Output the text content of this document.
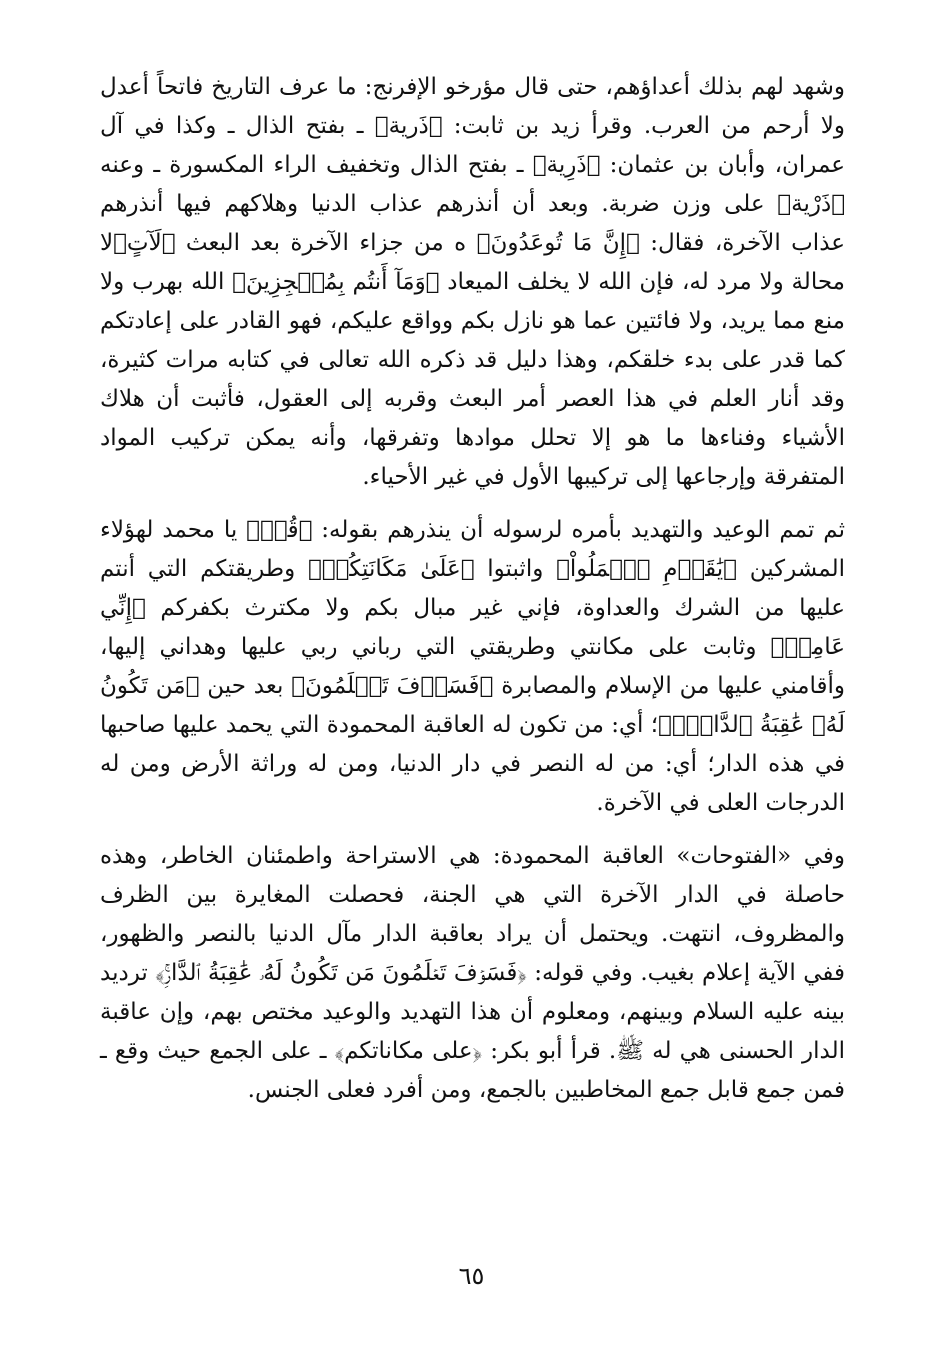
وشهد لهم بذلك أعداؤهم، حتى قال مؤرخو الإفرنج: ما عرف التاريخ فاتحاً أعدل ولا أرحم من العرب. وقرأ زيد بن ثابت: ﴿ذَرية﴾ ـ بفتح الذال ـ وكذا في آل عمران، وأبان بن عثمان: ﴿ذَرِية﴾ ـ بفتح الذال وتخفيف الراء المكسورة ـ وعنه ﴿ذَرْية﴾ على وزن ضربة. وبعد أن أنذرهم عذاب الدنيا وهلاكهم فيها أنذرهم عذاب الآخرة، فقال: ﴿إِنَّ مَا تُوعَدُونَ﴾ ه من جزاء الآخرة بعد البعث ﴿لَآتٍ﴾لا محالة ولا مرد له، فإن الله لا يخلف الميعاد ﴿وَمَآ أَنتُم بِمُعۡجِزِينَ﴾ الله بهرب ولا منع مما يريد، ولا فائتين عما هو نازل بكم وواقع عليكم، فهو القادر على إعادتكم كما قدر على بدء خلقكم، وهذا دليل قد ذكره الله تعالى في كتابه مرات كثيرة، وقد أنار العلم في هذا العصر أمر البعث وقربه إلى العقول، فأثبت أن هلاك الأشياء وفناءها ما هو إلا تحلل موادها وتفرقها، وأنه يمكن تركيب المواد المتفرقة وإرجاعها إلى تركيبها الأول في غير الأحياء.

ثم تمم الوعيد والتهديد بأمره لرسوله أن ينذرهم بقوله: ﴿قُلۡ﴾ يا محمد لهؤلاء المشركين ﴿يَٰقَوۡمِ ٱعۡمَلُواْ﴾ واثبتوا ﴿عَلَىٰ مَكَانَتِكُمۡ﴾ وطريقتكم التي أنتم عليها من الشرك والعداوة، فإني غير مبال بكم ولا مكترث بكفركم ﴿إِنِّي عَامِلٞ﴾ وثابت على مكانتي وطريقتي التي رباني ربي عليها وهداني إليها، وأقامني عليها من الإسلام والمصابرة ﴿فَسَوۡفَ تَعۡلَمُونَ﴾ بعد حين ﴿مَن تَكُونُ لَهُۥ عَٰقِبَةُ ٱلدَّارِۚ﴾؛ أي: من تكون له العاقبة المحمودة التي يحمد عليها صاحبها في هذه الدار؛ أي: من له النصر في دار الدنيا، ومن له وراثة الأرض ومن له الدرجات العلى في الآخرة.

وفي «الفتوحات» العاقبة المحمودة: هي الاستراحة واطمئنان الخاطر، وهذه حاصلة في الدار الآخرة التي هي الجنة، فحصلت المغايرة بين الظرف والمظروف، انتهت. ويحتمل أن يراد بعاقبة الدار مآل الدنيا بالنصر والظهور، ففي الآية إعلام بغيب. وفي قوله: ﴿فَسَوۡفَ تَعۡلَمُونَ مَن تَكُونُ لَهُۥ عَٰقِبَةُ ٱلدَّارِۚ﴾ ترديد بينه عليه السلام وبينهم، ومعلوم أن هذا التهديد والوعيد مختص بهم، وإن عاقبة الدار الحسنى هي له ﷺ. قرأ أبو بكر: ﴿على مكاناتكم﴾ ـ على الجمع حيث وقع ـ فمن جمع قابل جمع المخاطبين بالجمع، ومن أفرد فعلى الجنس.

٦٥
